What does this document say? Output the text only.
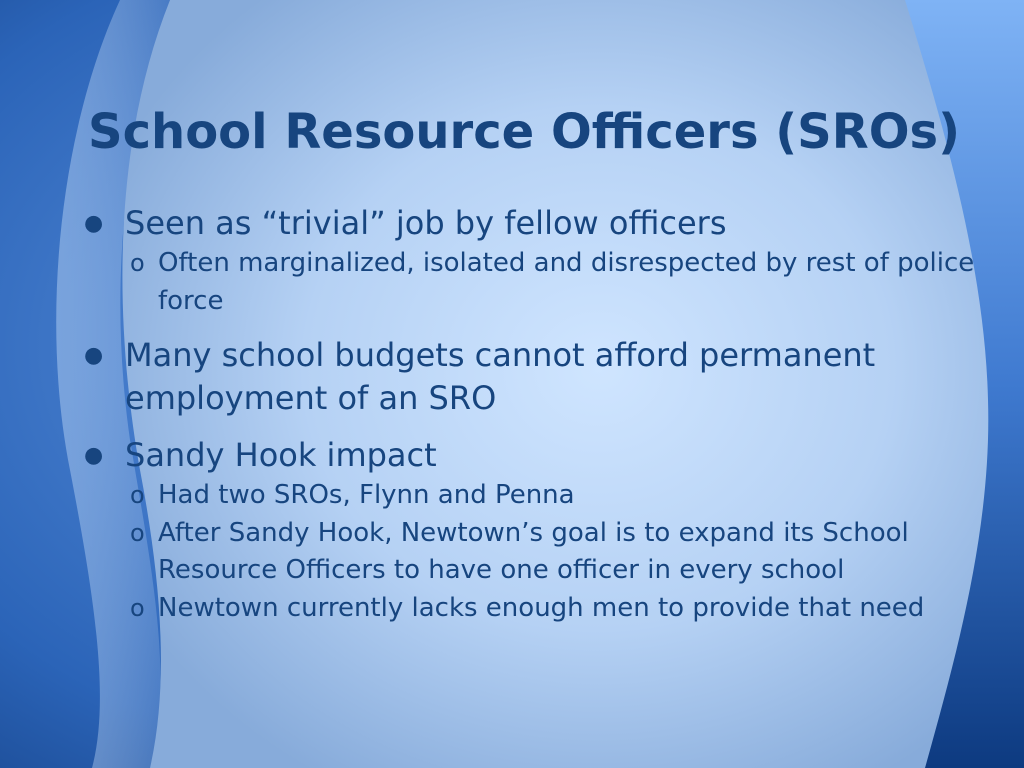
School Resource Officers (SROs)
● Seen as “trivial” job by fellow officers
o Often marginalized, isolated and disrespected by rest of police force
● Many school budgets cannot afford permanent employment of an SRO
● Sandy Hook impact
o Had two SROs, Flynn and Penna
o After Sandy Hook, Newtown’s goal is to expand its School Resource Officers to have one officer in every school
o Newtown currently lacks enough men to provide that need
